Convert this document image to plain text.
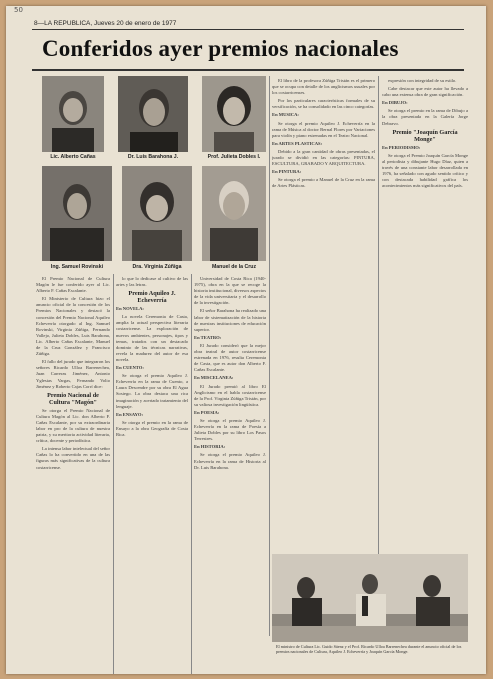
50
8—LA REPUBLICA, Jueves 20 de enero de 1977
Conferidos ayer premios nacionales
Lic. Alberto Cañas	Dr. Luis Barahona J.	Prof. Julieta Dobles I.
Ing. Samuel Rovinski	Dra. Virginia Zúñiga	Manuel de la Cruz

El Premio Nacional de Cultura Magón le fue conferido ayer al Lic. Alberto F. Cañas Escalante.

El Ministerio de Cultura hizo el anuncio oficial de la concesión de los Premios Nacionales y destacó la concesión del Premio Nacional Aquileo Echeverría otorgado al Ing. Samuel Rovinski, Virginia Zúñiga, Fernando Vallejo, Julieta Dobles, Luis Barahona, Lic. Alberto Cañas Escalante, Manuel de la Cruz González y Francisco Zúñiga.

El fallo del jurado que integraron los señores Ricardo Ulloa Barrenechea, Juan Carreras Jiménez, Antonio Yglesias Vargas, Fernando Volio Jiménez y Roberto Cajas Corrí dice:

Premio Nacional de Cultura "Magón"

Se otorga el Premio Nacional de Cultura Magón al Lic. don Alberto F. Cañas Escalante, por su extraordinaria labor en pro de la cultura de nuestra patria, y su meritoria actividad literaria, crítica, docente y periodística.

La intensa labor intelectual del señor Cañas lo ha convertido en una de las figuras más significativas de la cultura costarricense.

lo que lo dedicase al cultivo de las artes y las letras.

Premio Aquileo J. Echeverría

En NOVELA:

La novela Ceremonia de Casta, amplia la actual perspectiva literaria costarricense. La exploración de nuevos ambientes, personajes, tipos y temas, tratados con un destacado dominio de las técnicas narrativas, revela la madurez del autor de esa novela.

En CUENTO:

Se otorga el premio Aquileo J. Echeverría en la rama de Cuento, a Laura Descendre por su obra El Agua Sosiego. La obra destaca una rica imaginación y acertado tratamiento del lenguaje.

En ENSAYO:

Se otorga el premio en la rama de Ensayo a la obra Geografía de Costa Rica.

Universidad de Costa Rica (1940-1975), obra en la que se recoge la historia institucional, diversos aspectos de la vida universitaria y el desarrollo de la investigación.

El señor Barahona ha realizado una labor de sistematización de la historia de nuestras instituciones de educación superior.

En TEATRO:

El Jurado consideró que la mejor obra teatral de autor costarricense estrenada en 1976, resulta Ceremonia de Casta, que es autor don Alberto F. Cañas Escalante.

En MISCELANEA:

El Jurado premió al libro El Anglicismo en el habla costarricense de la Prof. Virginia Zúñiga Tristán, por su valiosa investigación lingüística.

En POESIA:

Se otorga el premio Aquileo J. Echeverría en la rama de Poesía a Julieta Dobles por su libro Los Pasos Terrestres.

En HISTORIA:

Se otorga el premio Aquileo J. Echeverría en la rama de Historia al Dr. Luis Barahona.

El libro de la profesora Zúñiga Tristán es el primero que se ocupa con detalle de los anglicismos usuales por los costarricenses.

Por los particulares características formales de su versificación, se ha consolidado en las cinco categorías.

En MUSICA:

Se otorga el premio Aquileo J. Echeverría en la rama de Música al doctor Bernal Flores por Variaciones para violín y piano estrenadas en el Teatro Nacional.

En ARTES PLASTICAS:

Debido a la gran cantidad de obras presentadas, el jurado se dividió en las categorías: PINTURA, ESCULTURA, GRABADO Y ARQUITECTURA.

En PINTURA:

Se otorga el premio a Manuel de la Cruz en la rama de Artes Plásticas.

expresión con integridad de su estilo.

Cabe destacar que este autor ha llevado a cabo una extensa obra de gran significación.

En DIBUJO:

Se otorga el premio en la rama de Dibujo a la obra presentada en la Galería Jorge Debravo.

Premio "Joaquín García Monge"

En PERIODISMO:

Se otorga el Premio Joaquín García Monge al periodista y dibujante Hugo Díaz, quien a través de una constante labor desarrollada en 1976, ha señalado con agudo sentido crítico y con destacada habilidad gráfica los acontecimientos más significativos del país.

El ministro de Cultura Lic. Guido Sáenz y el Prof. Ricardo Ulloa Barrenechea durante el anuncio oficial de los premios nacionales de Cultura, Aquileo J. Echeverría y Joaquín García Monge.
